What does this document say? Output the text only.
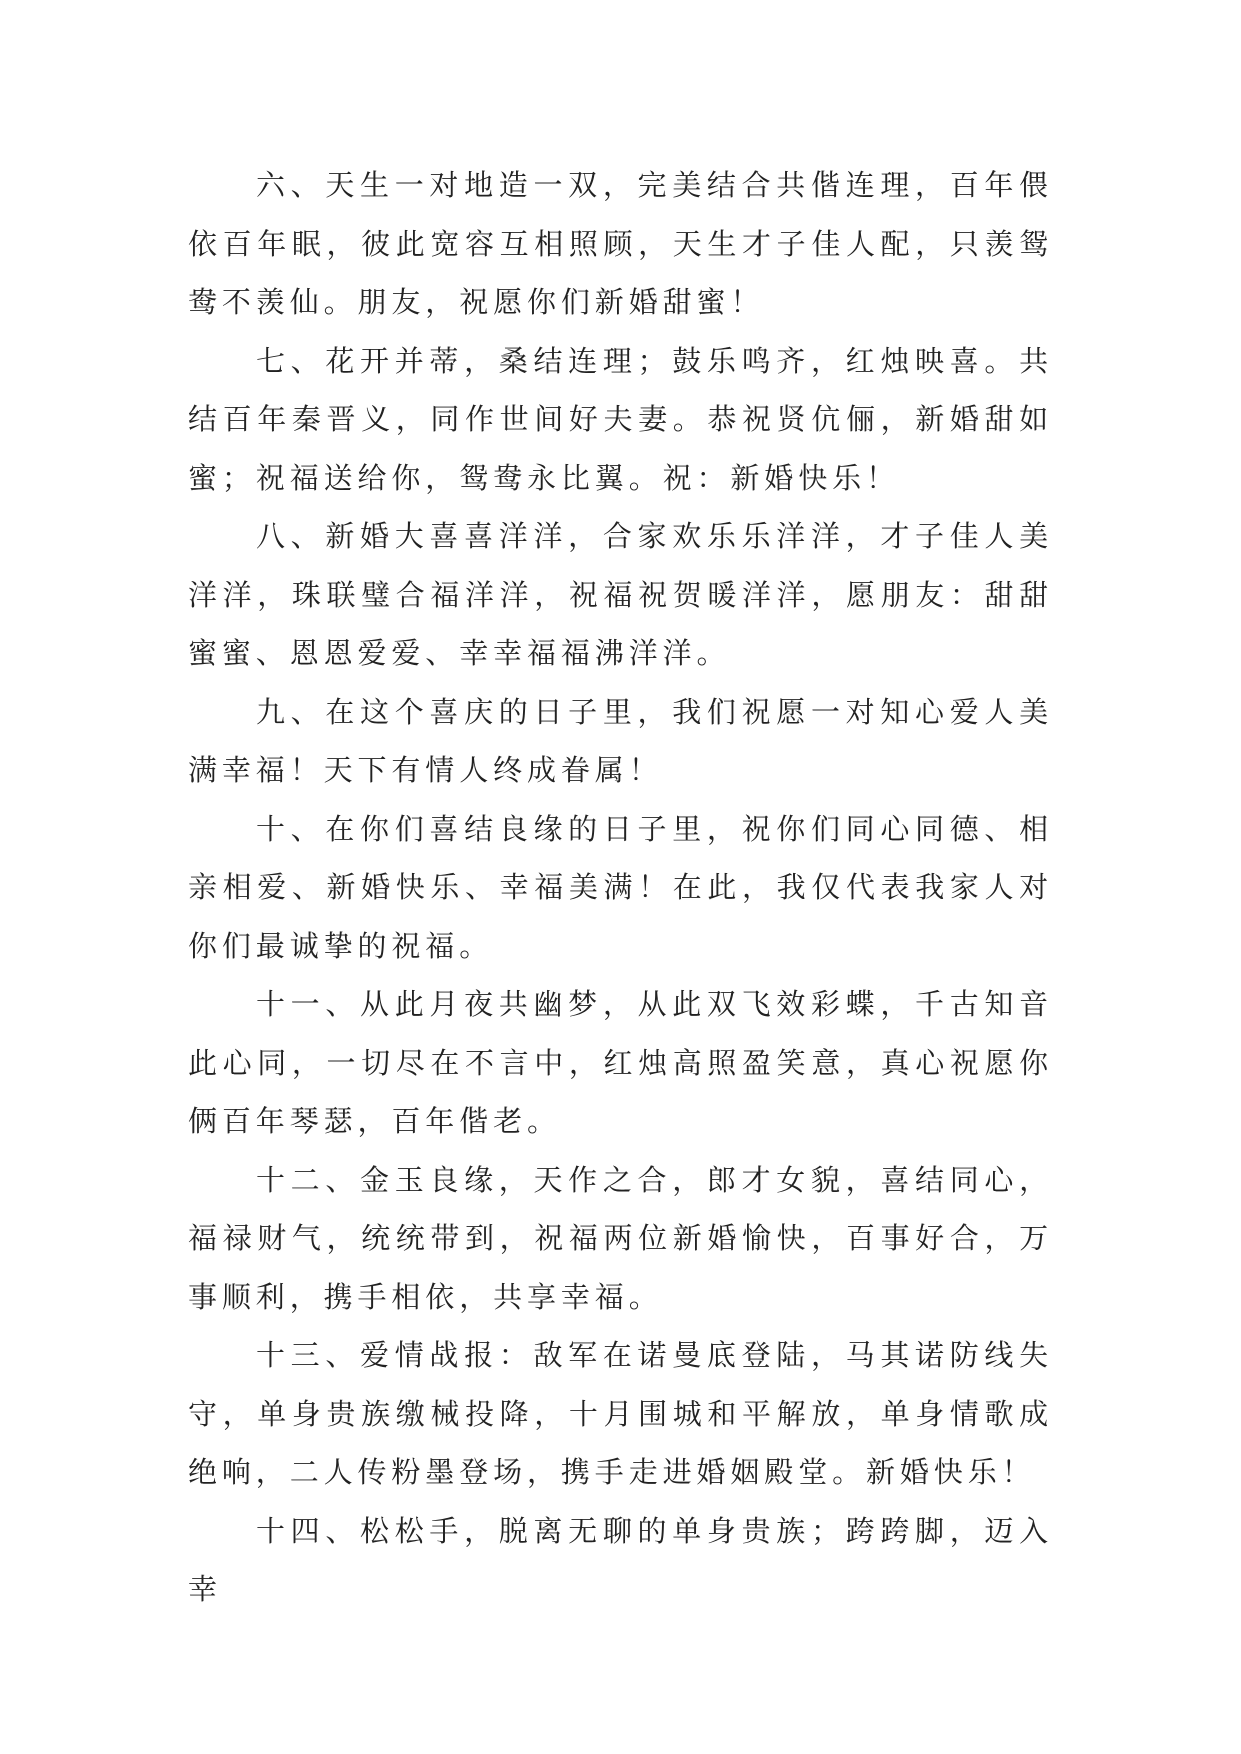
六、天生一对地造一双，完美结合共偕连理，百年偎依百年眠，彼此宽容互相照顾，天生才子佳人配，只羡鸳鸯不羡仙。朋友，祝愿你们新婚甜蜜！

七、花开并蒂，桑结连理；鼓乐鸣齐，红烛映喜。共结百年秦晋义，同作世间好夫妻。恭祝贤伉俪，新婚甜如蜜；祝福送给你，鸳鸯永比翼。祝：新婚快乐！

八、新婚大喜喜洋洋，合家欢乐乐洋洋，才子佳人美洋洋，珠联璧合福洋洋，祝福祝贺暖洋洋，愿朋友：甜甜蜜蜜、恩恩爱爱、幸幸福福沸洋洋。

九、在这个喜庆的日子里，我们祝愿一对知心爱人美满幸福！天下有情人终成眷属！

十、在你们喜结良缘的日子里，祝你们同心同德、相亲相爱、新婚快乐、幸福美满！在此，我仅代表我家人对你们最诚挚的祝福。

十一、从此月夜共幽梦，从此双飞效彩蝶，千古知音此心同，一切尽在不言中，红烛高照盈笑意，真心祝愿你俩百年琴瑟，百年偕老。

十二、金玉良缘，天作之合，郎才女貌，喜结同心，福禄财气，统统带到，祝福两位新婚愉快，百事好合，万事顺利，携手相依，共享幸福。

十三、爱情战报：敌军在诺曼底登陆，马其诺防线失守，单身贵族缴械投降，十月围城和平解放，单身情歌成绝响，二人传粉墨登场，携手走进婚姻殿堂。新婚快乐！

十四、松松手，脱离无聊的单身贵族；跨跨脚，迈入幸
